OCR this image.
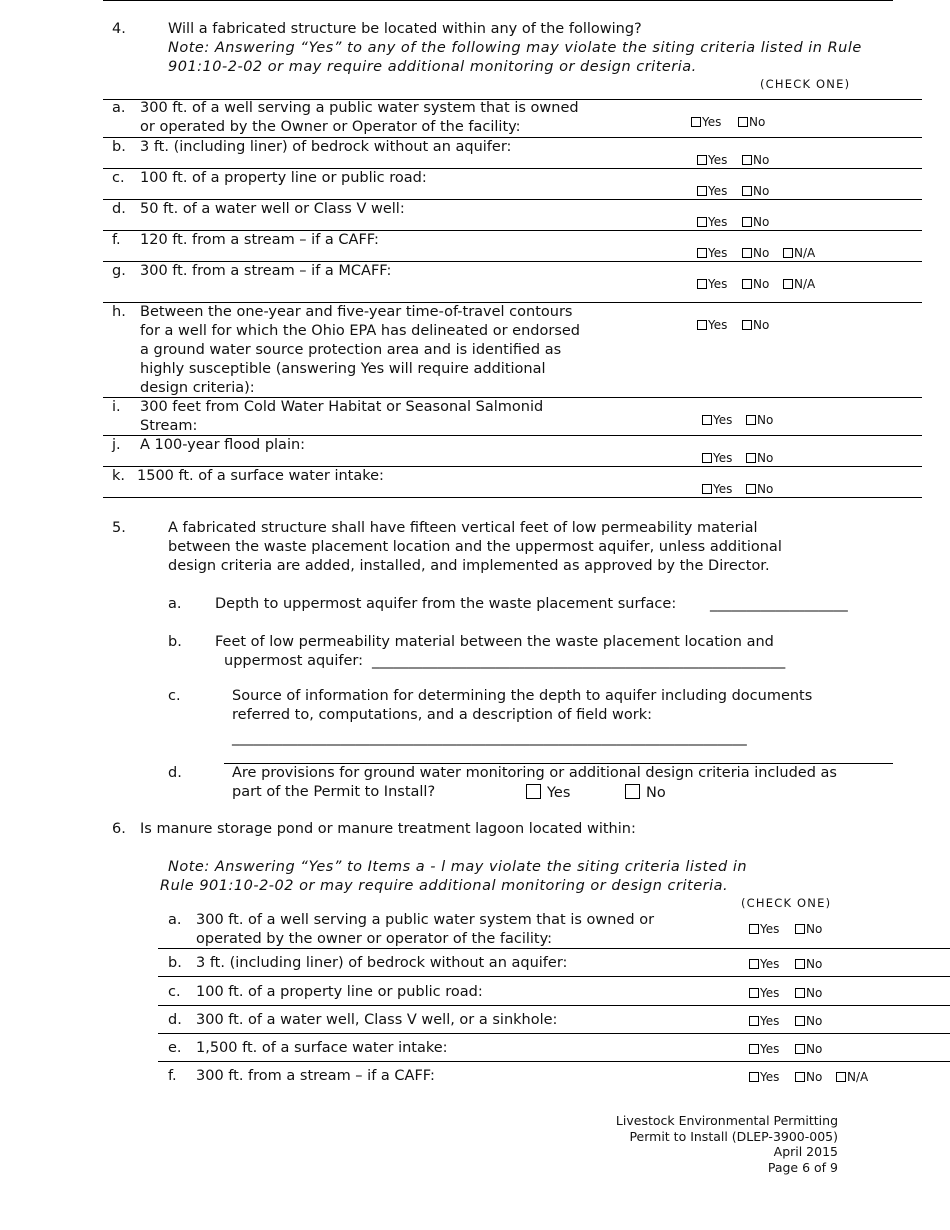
4.	Will a fabricated structure be located within any of the following?
Note: Answering “Yes” to any of the following may violate the siting criteria listed in Rule
901:10-2-02 or may require additional monitoring or design criteria.
(CHECK ONE)
a. 300 ft. of a well serving a public water system that is owned
or operated by the Owner or Operator of the facility:	Yes	No
b. 3 ft. (including liner) of bedrock without an aquifer:
Yes	No
c. 100 ft. of a property line or public road:
Yes	No
d. 50 ft. of a water well or Class V well:
Yes	No
f. 120 ft. from a stream – if a CAFF:
Yes	No	N/A
g. 300 ft. from a stream – if a MCAFF:
Yes	No	N/A
h. Between the one-year and five-year time-of-travel contours
for a well for which the Ohio EPA has delineated or endorsed
a ground water source protection area and is identified as
highly susceptible (answering Yes will require additional
design criteria):
Yes	No
i. 300 feet from Cold Water Habitat or Seasonal Salmonid
Stream:	Yes	No
j. A 100-year flood plain:
Yes	No
k. 1500 ft. of a surface water intake:
Yes	No
5.	A fabricated structure shall have fifteen vertical feet of low permeability material
between the waste placement location and the uppermost aquifer, unless additional
design criteria are added, installed, and implemented as approved by the Director.
a. Depth to uppermost aquifer from the waste placement surface: ___________________
b. Feet of low permeability material between the waste placement location and
uppermost aquifer: _________________________________________________________
c.	Source of information for determining the depth to aquifer including documents
referred to, computations, and a description of field work:
_______________________________________________________________________
d.	Are provisions for ground water monitoring or additional design criteria included as
part of the Permit to Install?	Yes	No
6. Is manure storage pond or manure treatment lagoon located within:
Note: Answering “Yes” to Items a - l may violate the siting criteria listed in
Rule 901:10-2-02 or may require additional monitoring or design criteria.
(CHECK ONE)
a. 300 ft. of a well serving a public water system that is owned or
operated by the owner or operator of the facility:
Yes	No
b. 3 ft. (including liner) of bedrock without an aquifer:	Yes	No
c. 100 ft. of a property line or public road:	Yes	No
d. 300 ft. of a water well, Class V well, or a sinkhole:	Yes	No
e. 1,500 ft. of a surface water intake:	Yes	No
f. 300 ft. from a stream – if a CAFF:	Yes	No	N/A
Livestock Environmental Permitting
Permit to Install (DLEP-3900-005)
April 2015
Page 6 of 9
